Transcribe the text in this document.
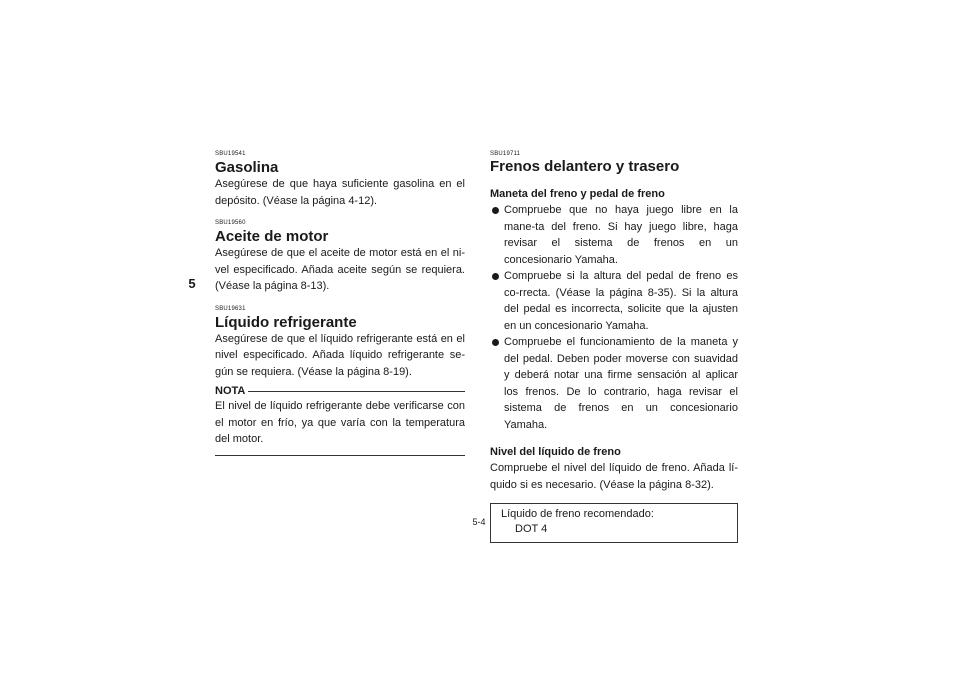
5
SBU19541
Gasolina
Asegúrese de que haya suficiente gasolina en el depósito. (Véase la página 4-12).
SBU19560
Aceite de motor
Asegúrese de que el aceite de motor está en el ni-vel especificado. Añada aceite según se requiera. (Véase la página 8-13).
SBU19631
Líquido refrigerante
Asegúrese de que el líquido refrigerante está en el nivel especificado. Añada líquido refrigerante se-gún se requiera. (Véase la página 8-19).
NOTA
El nivel de líquido refrigerante debe verificarse con el motor en frío, ya que varía con la temperatura del motor.
SBU19711
Frenos delantero y trasero
Maneta del freno y pedal de freno
Compruebe que no haya juego libre en la mane-ta del freno. Si hay juego libre, haga revisar el sistema de frenos en un concesionario Yamaha.
Compruebe si la altura del pedal de freno es co-rrecta. (Véase la página 8-35). Si la altura del pedal es incorrecta, solicite que la ajusten en un concesionario Yamaha.
Compruebe el funcionamiento de la maneta y del pedal. Deben poder moverse con suavidad y deberá notar una firme sensación al aplicar los frenos. De lo contrario, haga revisar el sistema de frenos en un concesionario Yamaha.
Nivel del líquido de freno
Compruebe el nivel del líquido de freno. Añada lí-quido si es necesario. (Véase la página 8-32).
Líquido de freno recomendado:
DOT 4
5-4
